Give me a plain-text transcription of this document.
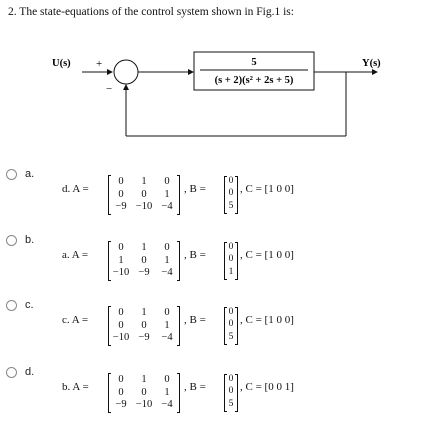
2. The state-equations of the control system shown in Fig.1 is:
U(s) +
−
5
(s + 2)(s² + 2s + 5)
Y(s)
a.
d. A =
0	1	0
0	0	1
−9 −10 −4
, B =
0
0
5
, C = [1 0 0]
b.
a. A =
0	1	0
1	0	1
−10 −9	−4
, B =
0
0
1
, C = [1 0 0]
c.
c. A =
0	1	0
0	0	1
−10 −9	−4
, B =
0
0
5
, C = [1 0 0]
d.
b. A =
0	1	0
0	0	1
−9 −10 −4
, B =
0
0
5
, C = [0 0 1]
